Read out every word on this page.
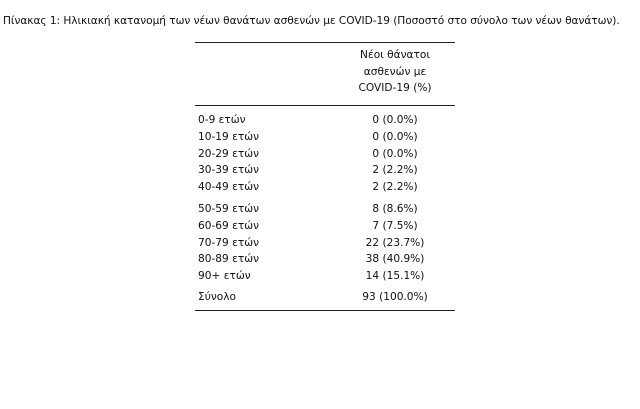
Πίνακας 1: Ηλικιακή κατανομή των νέων θανάτων ασθενών με COVID-19 (Ποσοστό στο σύνολο των νέων θανάτων).
Νέοι θάνατοι
ασθενών με
COVID-19 (%)
0-9 ετών	0 (0.0%)
10-19 ετών	0 (0.0%)
20-29 ετών	0 (0.0%)
30-39 ετών	2 (2.2%)
40-49 ετών	2 (2.2%)
50-59 ετών	8 (8.6%)
60-69 ετών	7 (7.5%)
70-79 ετών	22 (23.7%)
80-89 ετών	38 (40.9%)
90+ ετών	14 (15.1%)
Σύνολο	93 (100.0%)
